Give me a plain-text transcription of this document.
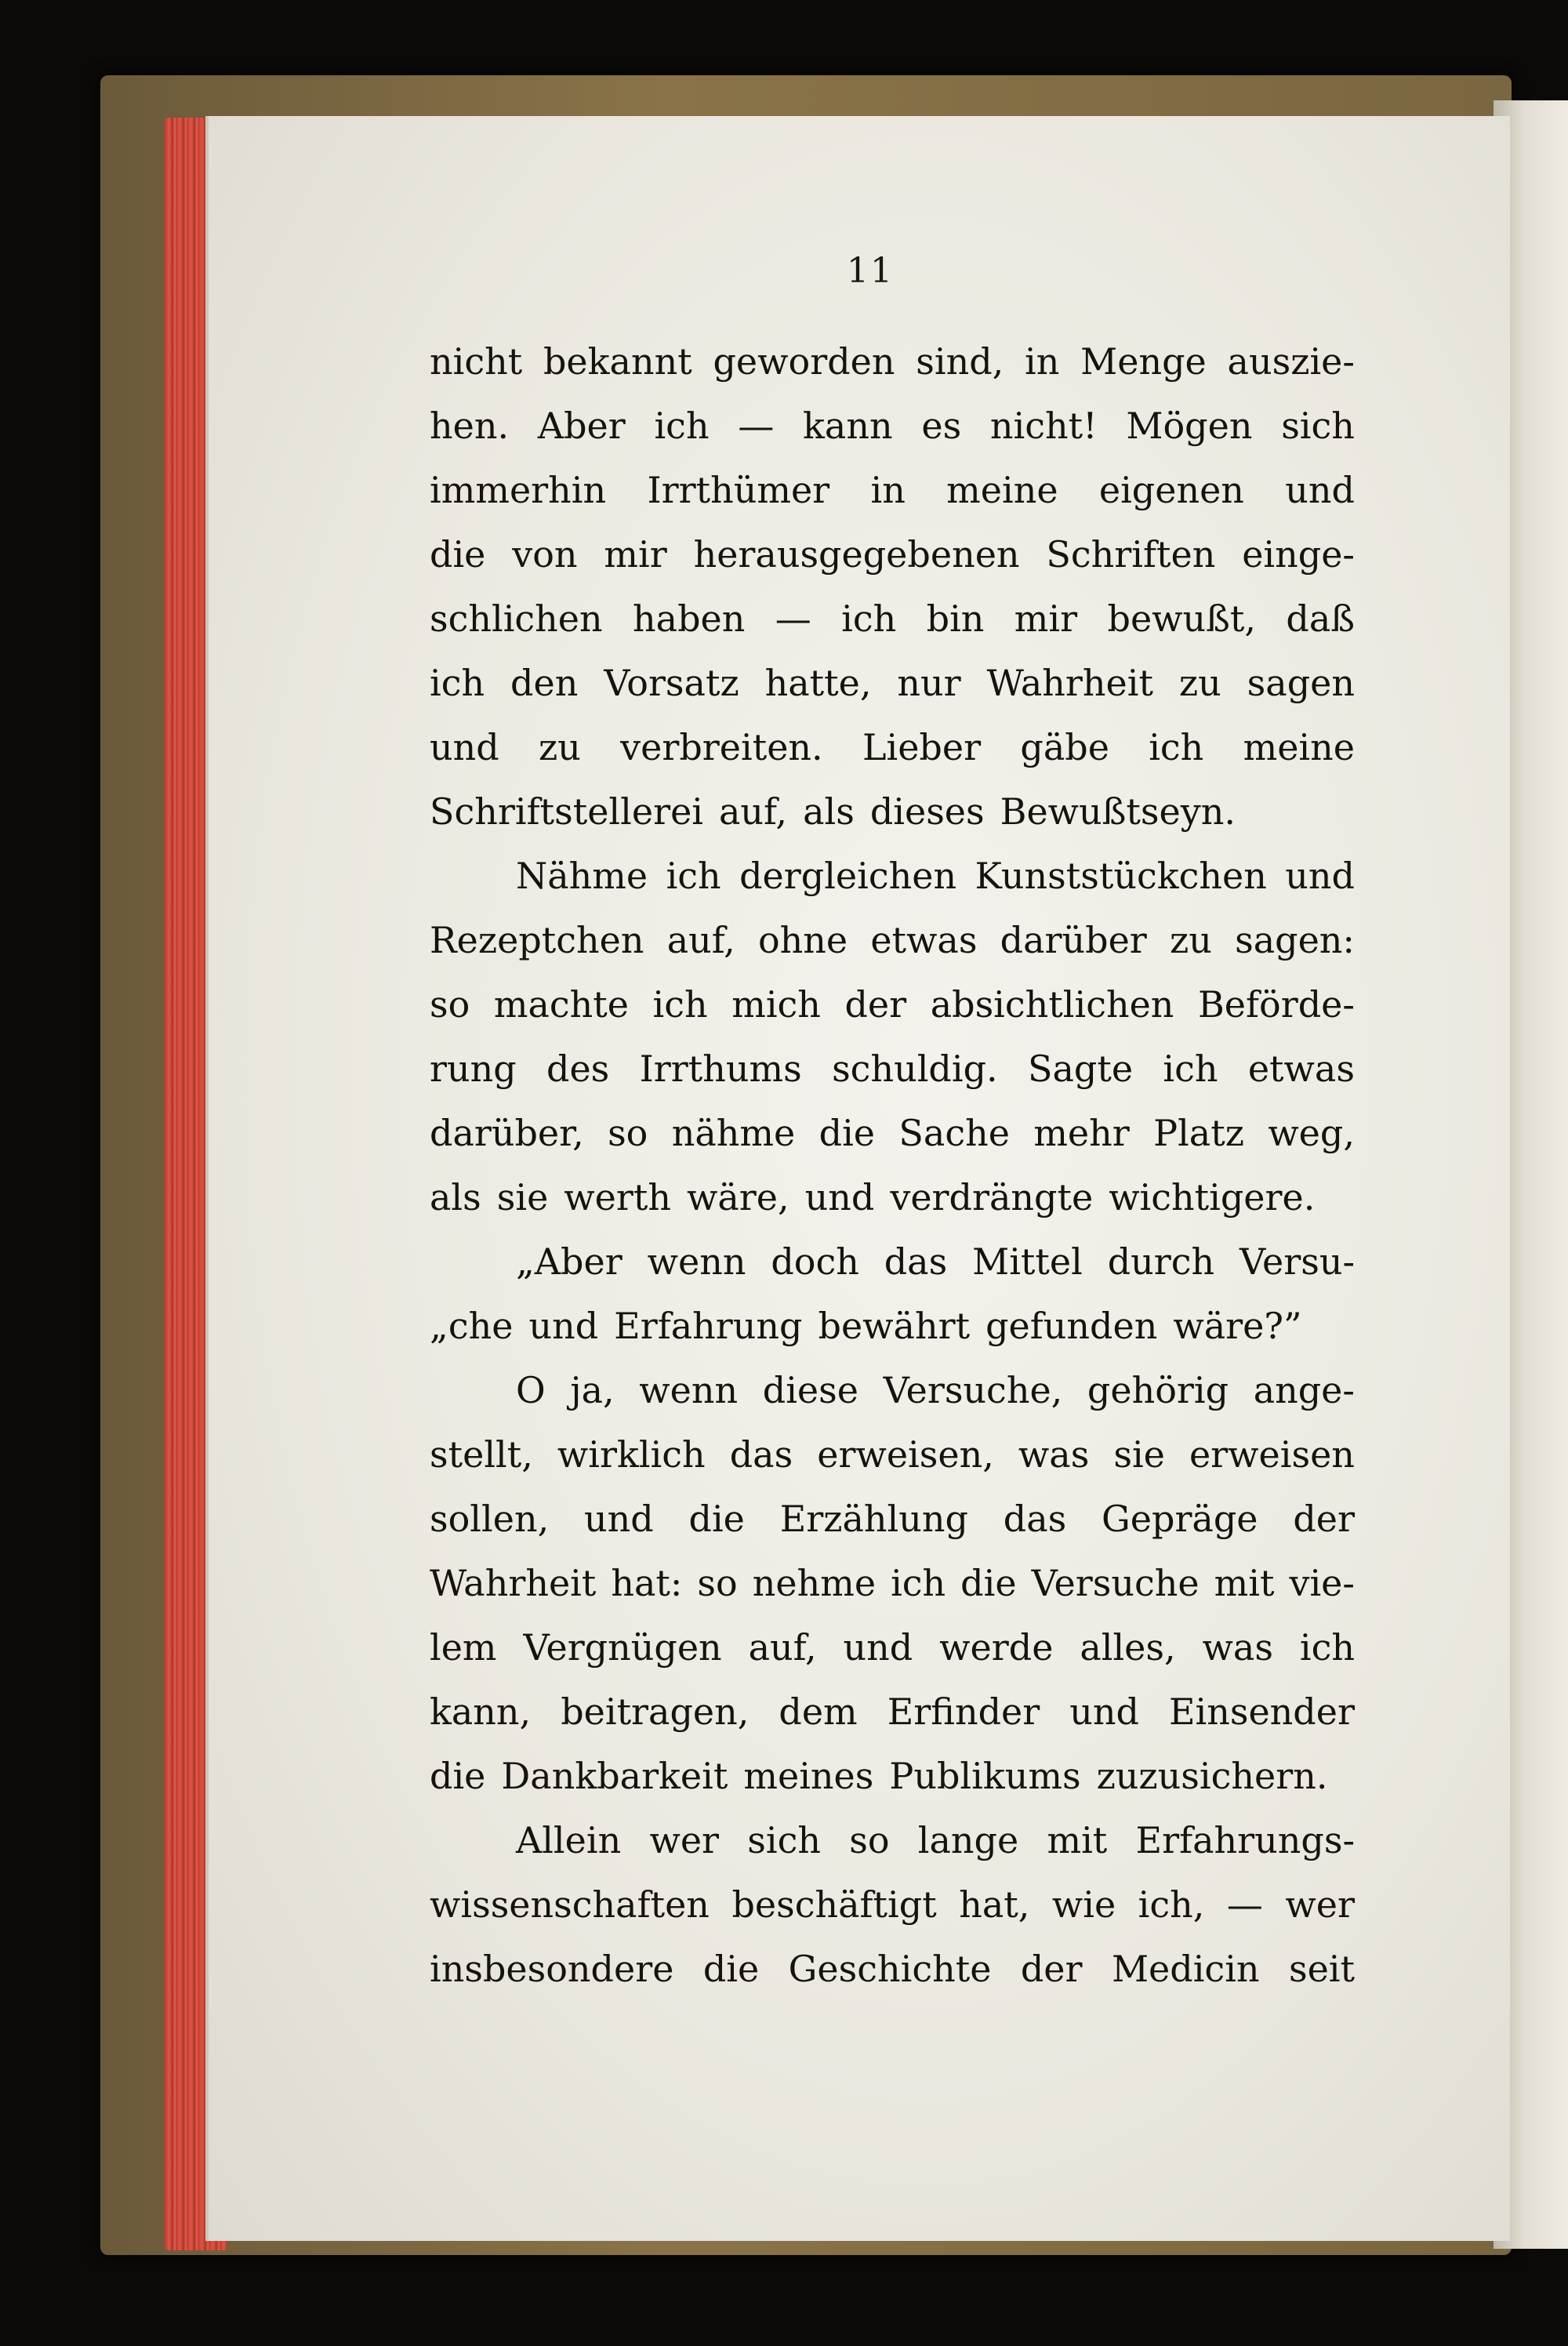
11
nicht bekannt geworden sind, in Menge auszie-
hen. Aber ich — kann es nicht! Mögen sich
immerhin Irrthümer in meine eigenen und
die von mir herausgegebenen Schriften einge-
schlichen haben — ich bin mir bewußt, daß
ich den Vorsatz hatte, nur Wahrheit zu sagen
und zu verbreiten. Lieber gäbe ich meine
Schriftstellerei auf, als dieses Bewußtseyn.
Nähme ich dergleichen Kunststückchen und
Rezeptchen auf, ohne etwas darüber zu sagen:
so machte ich mich der absichtlichen Beförde-
rung des Irrthums schuldig. Sagte ich etwas
darüber, so nähme die Sache mehr Platz weg,
als sie werth wäre, und verdrängte wichtigere.
„Aber wenn doch das Mittel durch Versu-
„che und Erfahrung bewährt gefunden wäre?”
O ja, wenn diese Versuche, gehörig ange-
stellt, wirklich das erweisen, was sie erweisen
sollen, und die Erzählung das Gepräge der
Wahrheit hat: so nehme ich die Versuche mit vie-
lem Vergnügen auf, und werde alles, was ich
kann, beitragen, dem Erfinder und Einsender
die Dankbarkeit meines Publikums zuzusichern.
Allein wer sich so lange mit Erfahrungs-
wissenschaften beschäftigt hat, wie ich, — wer
insbesondere die Geschichte der Medicin seit
